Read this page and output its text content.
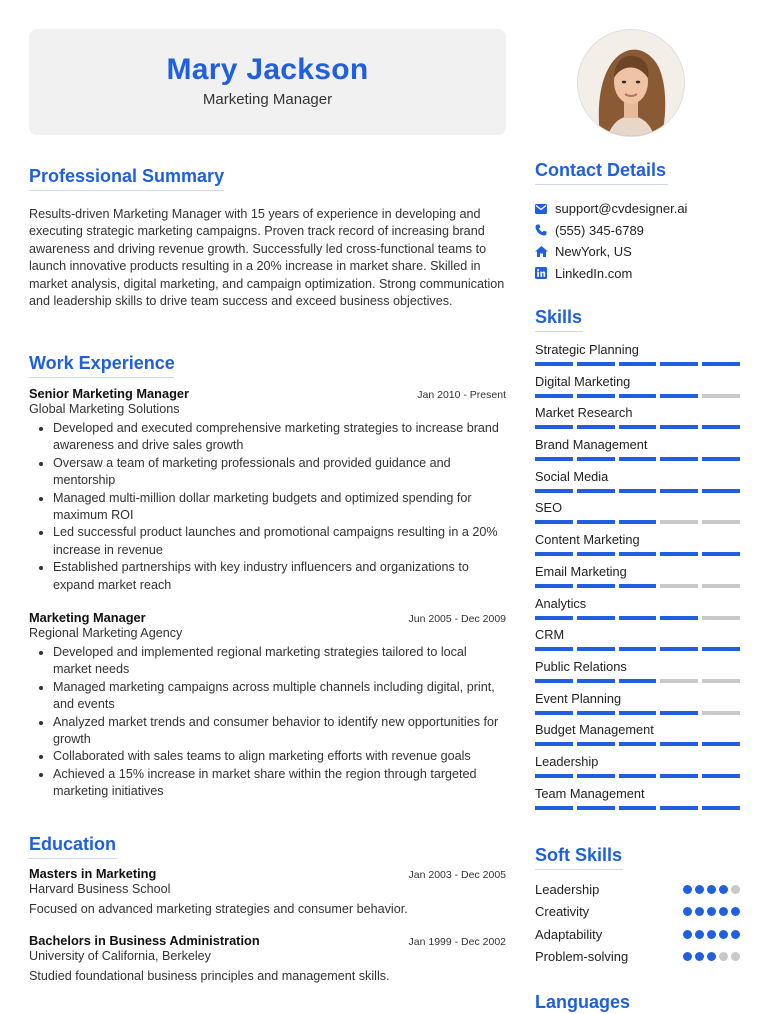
Mary Jackson
Marketing Manager
Professional Summary
Results-driven Marketing Manager with 15 years of experience in developing and executing strategic marketing campaigns. Proven track record of increasing brand awareness and driving revenue growth. Successfully led cross-functional teams to launch innovative products resulting in a 20% increase in market share. Skilled in market analysis, digital marketing, and campaign optimization. Strong communication and leadership skills to drive team success and exceed business objectives.
Work Experience
Senior Marketing Manager	Jan 2010 - Present
Global Marketing Solutions
• Developed and executed comprehensive marketing strategies to increase brand awareness and drive sales growth
• Oversaw a team of marketing professionals and provided guidance and mentorship
• Managed multi-million dollar marketing budgets and optimized spending for maximum ROI
• Led successful product launches and promotional campaigns resulting in a 20% increase in revenue
• Established partnerships with key industry influencers and organizations to expand market reach
Marketing Manager	Jun 2005 - Dec 2009
Regional Marketing Agency
• Developed and implemented regional marketing strategies tailored to local market needs
• Managed marketing campaigns across multiple channels including digital, print, and events
• Analyzed market trends and consumer behavior to identify new opportunities for growth
• Collaborated with sales teams to align marketing efforts with revenue goals
• Achieved a 15% increase in market share within the region through targeted marketing initiatives
Education
Masters in Marketing	Jan 2003 - Dec 2005
Harvard Business School
Focused on advanced marketing strategies and consumer behavior.
Bachelors in Business Administration	Jan 1999 - Dec 2002
University of California, Berkeley
Studied foundational business principles and management skills.
Contact Details
support@cvdesigner.ai
(555) 345-6789
NewYork, US
LinkedIn.com
Skills
Strategic Planning
Digital Marketing
Market Research
Brand Management
Social Media
SEO
Content Marketing
Email Marketing
Analytics
CRM
Public Relations
Event Planning
Budget Management
Leadership
Team Management
Soft Skills
Leadership
Creativity
Adaptability
Problem-solving
Languages
